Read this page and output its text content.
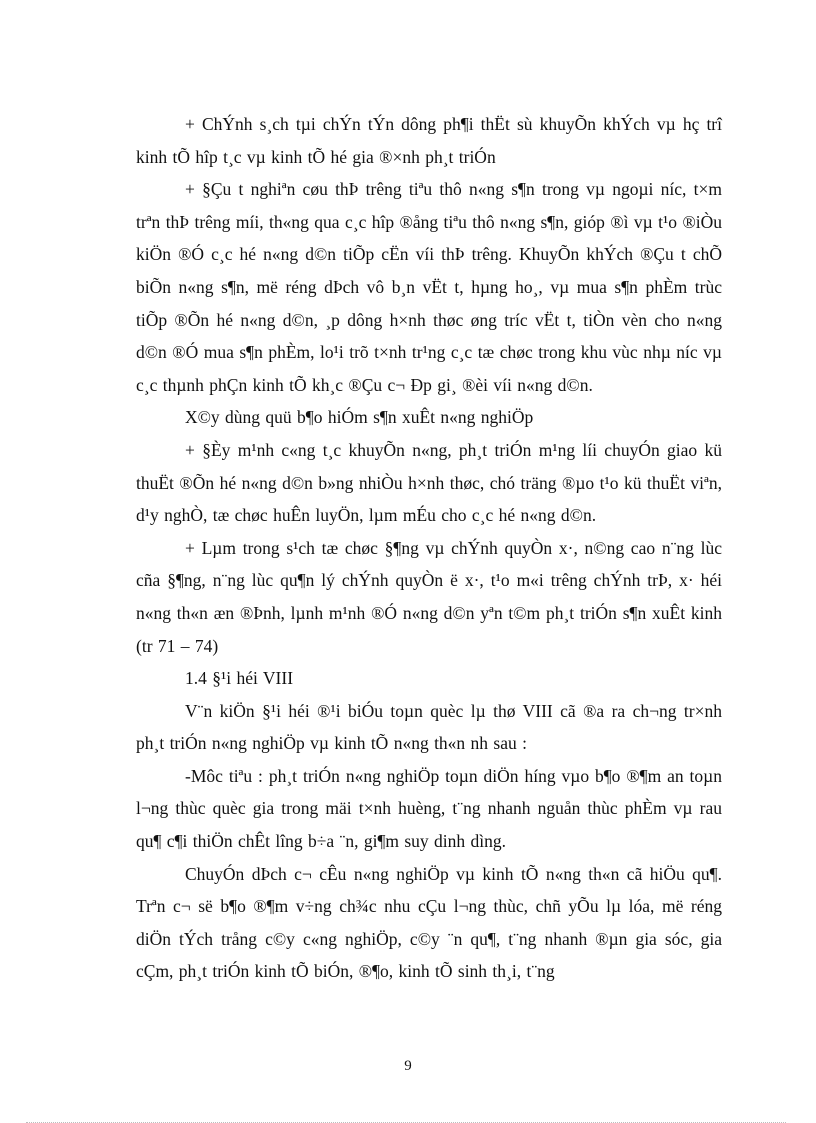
+ ChÝnh s¸ch tµi chÝn tÝn dông ph¶i thËt sù khuyÕn khÝch vµ hç trî kinh tÕ hîp t¸c vµ kinh tÕ hé gia ®×nh ph¸t triÓn

+ §Çu t nghiªn cøu thÞ trêng tiªu thô n«ng s¶n trong vµ ngoµi níc, t×m trªn thÞ trêng míi, th«ng qua c¸c hîp ®ång tiªu thô n«ng s¶n, gióp ®ì vµ t¹o ®iÒu kiÖn ®Ó c¸c hé n«ng d©n tiÕp cËn víi thÞ trêng. KhuyÕn khÝch ®Çu t chÕ biÕn n«ng s¶n, më réng dÞch vô b¸n vËt t, hµng ho¸, vµ mua s¶n phÈm trùc tiÕp ®Õn hé n«ng d©n, ¸p dông h×nh thøc øng tríc vËt t, tiÒn vèn cho n«ng d©n ®Ó mua s¶n phÈm, lo¹i trõ t×nh tr¹ng c¸c tæ chøc trong khu vùc nhµ níc vµ c¸c thµnh phÇn kinh tÕ kh¸c ®Çu c¬ Ðp gi¸ ®èi víi n«ng d©n.

X©y dùng quü b¶o hiÓm s¶n xuÊt n«ng nghiÖp

+ §Èy m¹nh c«ng t¸c khuyÕn n«ng, ph¸t triÓn m¹ng líi chuyÓn giao kü thuËt ®Õn hé n«ng d©n b»ng nhiÒu h×nh thøc, chó träng ®µo t¹o kü thuËt viªn, d¹y nghÒ, tæ chøc huÊn luyÖn, lµm mÉu cho c¸c hé n«ng d©n.

+ Lµm trong s¹ch tæ chøc §¶ng vµ chÝnh quyÒn x·, n©ng cao n¨ng lùc cña §¶ng, n¨ng lùc qu¶n lý chÝnh quyÒn ë x·, t¹o m«i trêng chÝnh trÞ, x· héi n«ng th«n æn ®Þnh, lµnh m¹nh ®Ó n«ng d©n yªn t©m ph¸t triÓn s¶n xuÊt kinh (tr 71 – 74)

1.4 §¹i héi VIII

V¨n kiÖn §¹i héi ®¹i biÓu toµn quèc lµ thø VIII cã ®a ra ch¬ng tr×nh ph¸t triÓn n«ng nghiÖp vµ kinh tÕ n«ng th«n nh sau :

-Môc tiªu : ph¸t triÓn n«ng nghiÖp toµn diÖn híng vµo b¶o ®¶m an toµn l¬ng thùc quèc gia trong mäi t×nh huèng, t¨ng nhanh nguån thùc phÈm vµ rau qu¶ c¶i thiÖn chÊt lîng b÷a ¨n, gi¶m suy dinh dìng.

ChuyÓn dÞch c¬ cÊu n«ng nghiÖp vµ kinh tÕ n«ng th«n cã hiÖu qu¶. Trªn c¬ së b¶o ®¶m v÷ng ch¾c nhu cÇu l¬ng thùc, chñ yÕu lµ lóa, më réng diÖn tÝch trång c©y c«ng nghiÖp, c©y ¨n qu¶, t¨ng nhanh ®µn gia sóc, gia cÇm, ph¸t triÓn kinh tÕ biÓn, ®¶o, kinh tÕ sinh th¸i, t¨ng

9
